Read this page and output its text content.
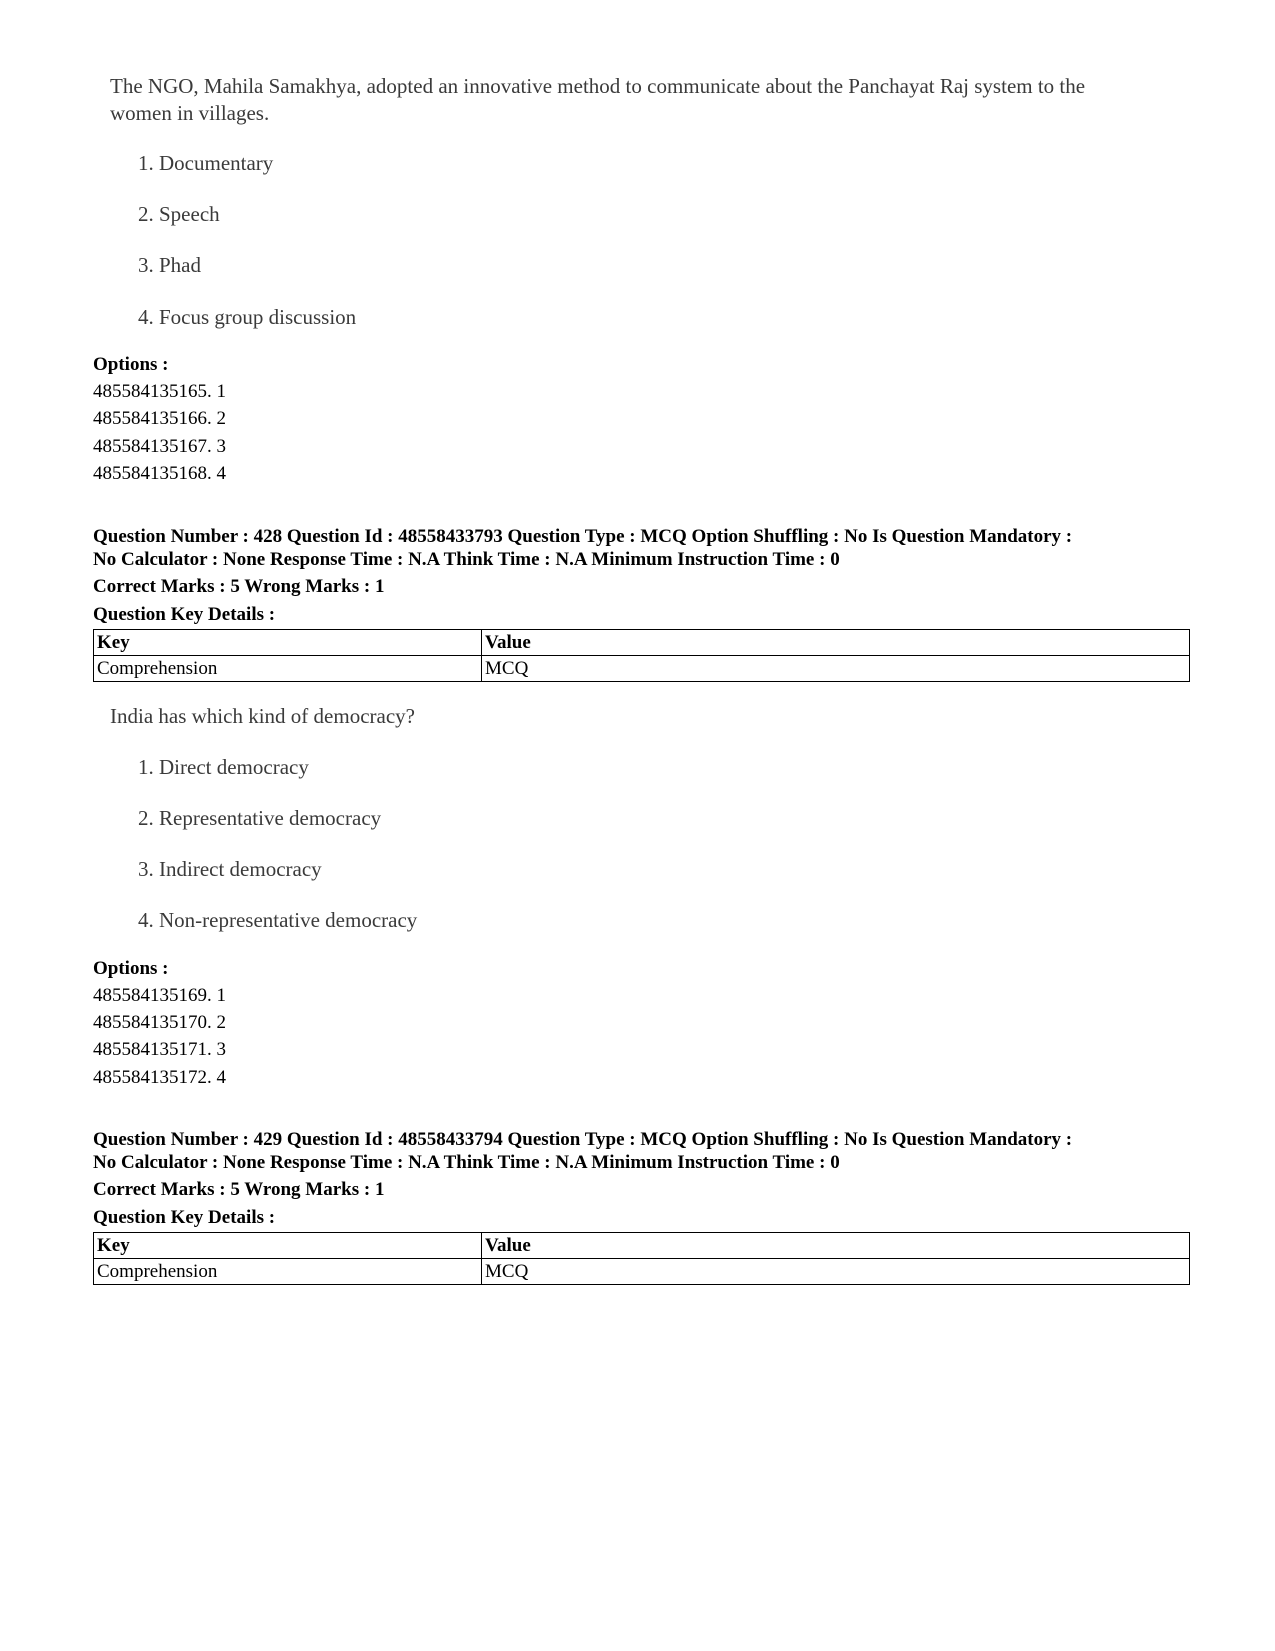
The NGO, Mahila Samakhya, adopted an innovative method to communicate about the Panchayat Raj system to the women in villages.
1. Documentary
2. Speech
3. Phad
4. Focus group discussion
Options :
485584135165. 1
485584135166. 2
485584135167. 3
485584135168. 4
Question Number : 428 Question Id : 48558433793 Question Type : MCQ Option Shuffling : No Is Question Mandatory :
No Calculator : None Response Time : N.A Think Time : N.A Minimum Instruction Time : 0
Correct Marks : 5 Wrong Marks : 1
Question Key Details :
Key	Value
Comprehension	MCQ
India has which kind of democracy?
1. Direct democracy
2. Representative democracy
3. Indirect democracy
4. Non-representative democracy
Options :
485584135169. 1
485584135170. 2
485584135171. 3
485584135172. 4
Question Number : 429 Question Id : 48558433794 Question Type : MCQ Option Shuffling : No Is Question Mandatory :
No Calculator : None Response Time : N.A Think Time : N.A Minimum Instruction Time : 0
Correct Marks : 5 Wrong Marks : 1
Question Key Details :
Key	Value
Comprehension	MCQ
